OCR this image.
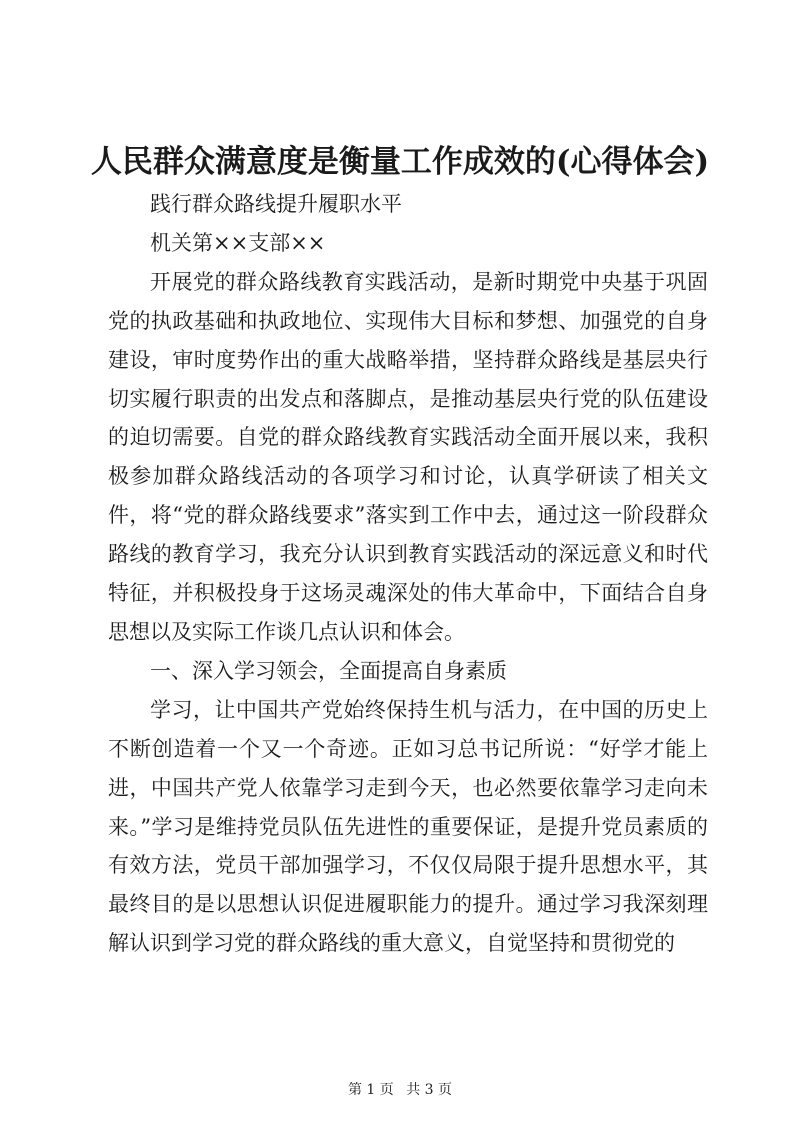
人民群众满意度是衡量工作成效的(心得体会)

践行群众路线提升履职水平

机关第××支部××

开展党的群众路线教育实践活动，是新时期党中央基于巩固党的执政基础和执政地位、实现伟大目标和梦想、加强党的自身建设，审时度势作出的重大战略举措，坚持群众路线是基层央行切实履行职责的出发点和落脚点，是推动基层央行党的队伍建设的迫切需要。自党的群众路线教育实践活动全面开展以来，我积极参加群众路线活动的各项学习和讨论，认真学研读了相关文件，将“党的群众路线要求”落实到工作中去，通过这一阶段群众路线的教育学习，我充分认识到教育实践活动的深远意义和时代特征，并积极投身于这场灵魂深处的伟大革命中，下面结合自身思想以及实际工作谈几点认识和体会。

一、深入学习领会，全面提高自身素质

学习，让中国共产党始终保持生机与活力，在中国的历史上不断创造着一个又一个奇迹。正如习总书记所说：“好学才能上进，中国共产党人依靠学习走到今天，也必然要依靠学习走向未来。”学习是维持党员队伍先进性的重要保证，是提升党员素质的有效方法，党员干部加强学习，不仅仅局限于提升思想水平，其最终目的是以思想认识促进履职能力的提升。通过学习我深刻理解认识到学习党的群众路线的重大意义，自觉坚持和贯彻党的

第 1 页 共 3 页
